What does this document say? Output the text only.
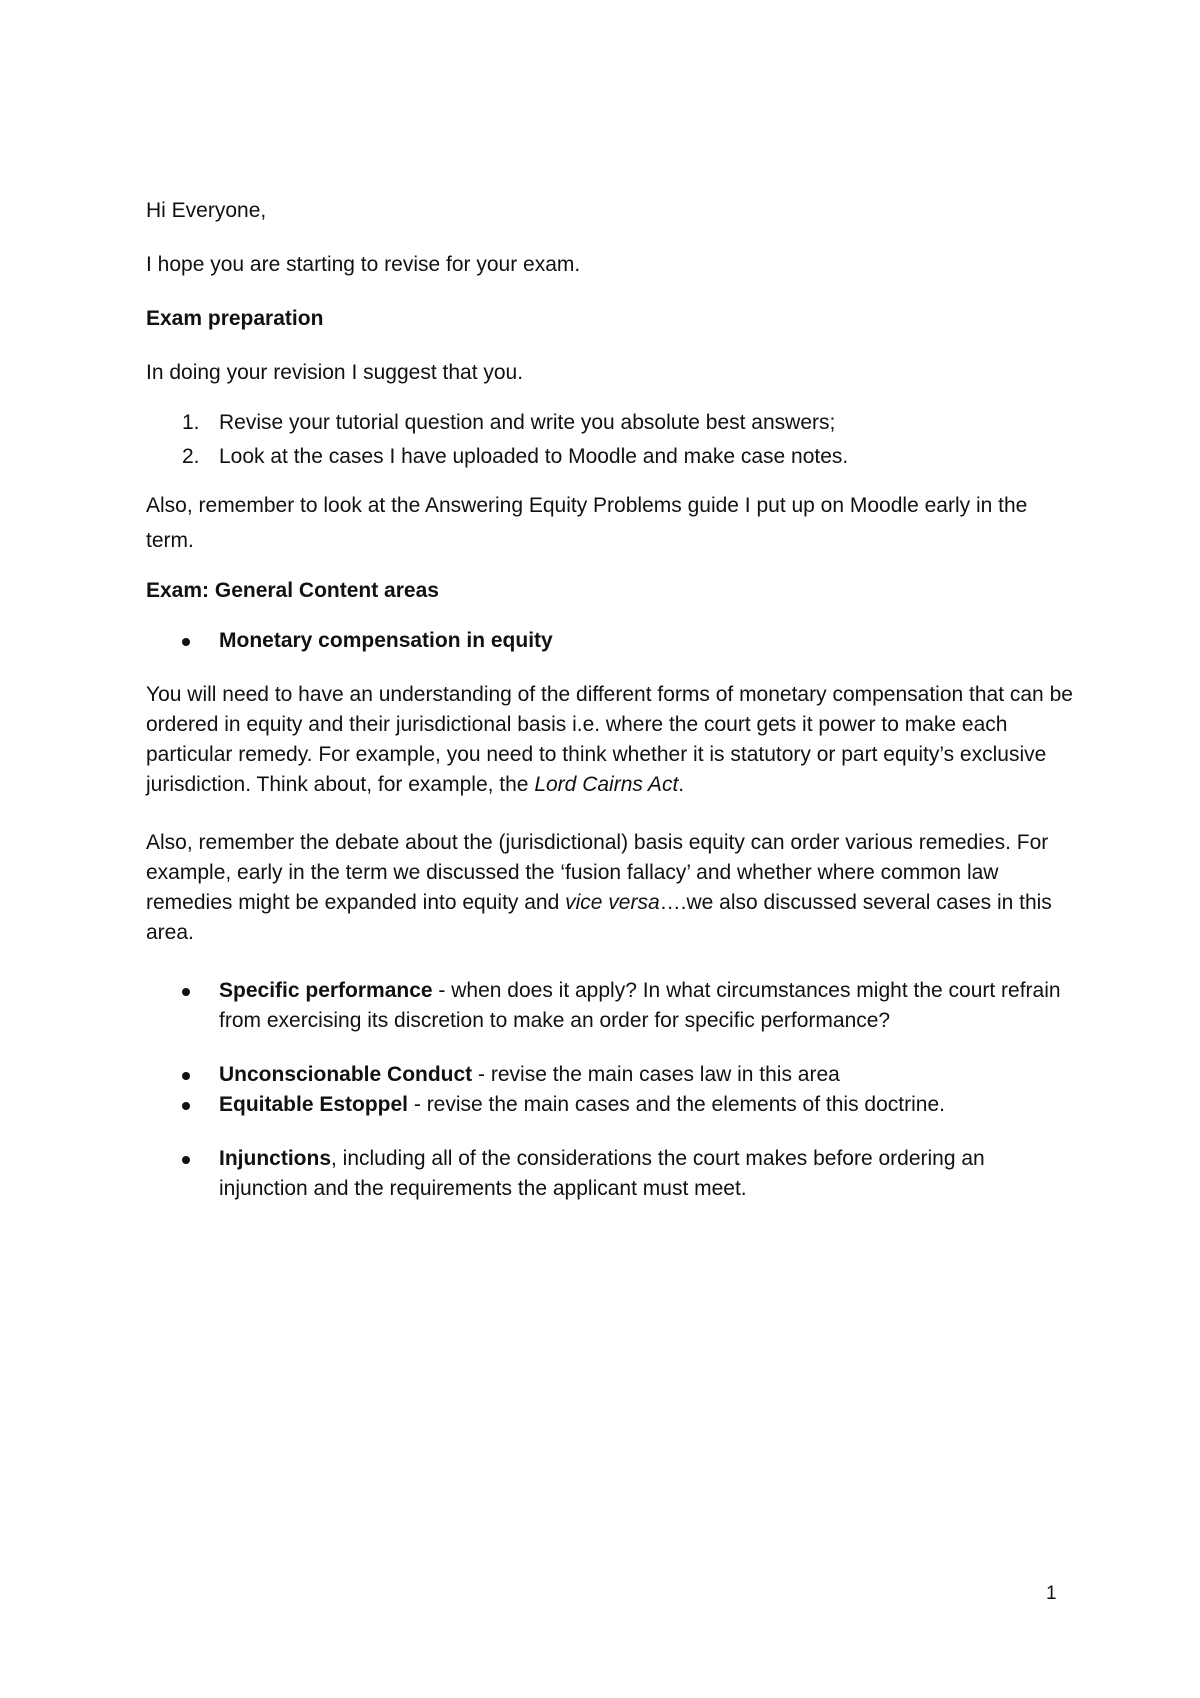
Hi Everyone,

I hope you are starting to revise for your exam.

Exam preparation

In doing your revision I suggest that you.

1. Revise your tutorial question and write you absolute best answers;
2. Look at the cases I have uploaded to Moodle and make case notes.

Also, remember to look at the Answering Equity Problems guide I put up on Moodle early in the term.

Exam: General Content areas

Monetary compensation in equity

You will need to have an understanding of the different forms of monetary compensation that can be ordered in equity and their jurisdictional basis i.e. where the court gets it power to make each particular remedy. For example, you need to think whether it is statutory or part equity’s exclusive jurisdiction. Think about, for example, the Lord Cairns Act.

Also, remember the debate about the (jurisdictional) basis equity can order various remedies. For example, early in the term we discussed the ‘fusion fallacy’ and whether where common law remedies might be expanded into equity and vice versa….we also discussed several cases in this area.

Specific performance - when does it apply? In what circumstances might the court refrain from exercising its discretion to make an order for specific performance?
Unconscionable Conduct - revise the main cases law in this area
Equitable Estoppel - revise the main cases and the elements of this doctrine.
Injunctions, including all of the considerations the court makes before ordering an injunction and the requirements the applicant must meet.
1
